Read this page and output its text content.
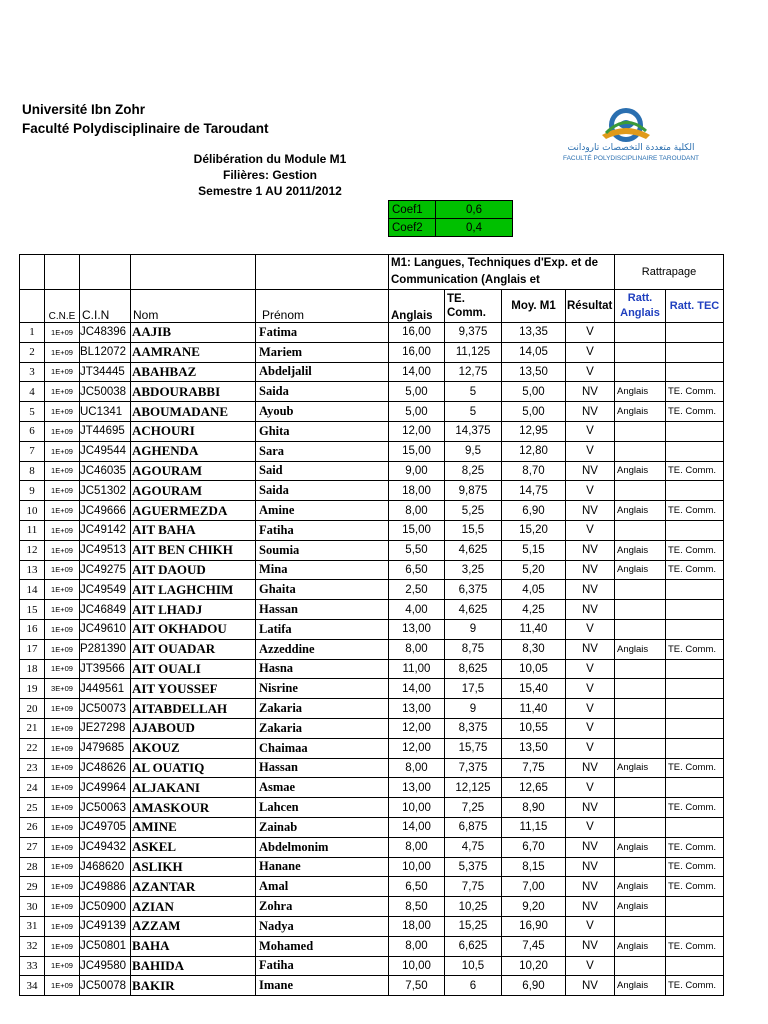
Université Ibn Zohr
Faculté Polydisciplinaire de Taroudant
Délibération du Module M1
Filières: Gestion
Semestre 1 AU 2011/2012
الكلية متعددة التخصصات تارودانت
FACULTÉ POLYDISCIPLINAIRE TAROUDANT
Coef1	0,6
Coef2	0,4
					M1: Langues, Techniques d'Exp. et de Communication (Anglais et				Rattrapage	
	C.N.E	C.I.N	Nom	Prénom	Anglais	TE. Comm.	Moy. M1	Résultat	Ratt. Anglais	Ratt. TEC
1	1E+09	JC48396	AAJIB	Fatima	16,00	9,375	13,35	V		
2	1E+09	BL12072	AAMRANE	Mariem	16,00	11,125	14,05	V		
3	1E+09	JT34445	ABAHBAZ	Abdeljalil	14,00	12,75	13,50	V		
4	1E+09	JC50038	ABDOURABBI	Saida	5,00	5	5,00	NV	Anglais	TE. Comm.
5	1E+09	UC1341	ABOUMADANE	Ayoub	5,00	5	5,00	NV	Anglais	TE. Comm.
6	1E+09	JT44695	ACHOURI	Ghita	12,00	14,375	12,95	V		
7	1E+09	JC49544	AGHENDA	Sara	15,00	9,5	12,80	V		
8	1E+09	JC46035	AGOURAM	Said	9,00	8,25	8,70	NV	Anglais	TE. Comm.
9	1E+09	JC51302	AGOURAM	Saida	18,00	9,875	14,75	V		
10	1E+09	JC49666	AGUERMEZDA	Amine	8,00	5,25	6,90	NV	Anglais	TE. Comm.
11	1E+09	JC49142	AIT BAHA	Fatiha	15,00	15,5	15,20	V		
12	1E+09	JC49513	AIT BEN CHIKH	Soumia	5,50	4,625	5,15	NV	Anglais	TE. Comm.
13	1E+09	JC49275	AIT DAOUD	Mina	6,50	3,25	5,20	NV	Anglais	TE. Comm.
14	1E+09	JC49549	AIT LAGHCHIM	Ghaita	2,50	6,375	4,05	NV		
15	1E+09	JC46849	AIT LHADJ	Hassan	4,00	4,625	4,25	NV		
16	1E+09	JC49610	AIT OKHADOU	Latifa	13,00	9	11,40	V		
17	1E+09	P281390	AIT OUADAR	Azzeddine	8,00	8,75	8,30	NV	Anglais	TE. Comm.
18	1E+09	JT39566	AIT OUALI	Hasna	11,00	8,625	10,05	V		
19	3E+09	J449561	AIT YOUSSEF	Nisrine	14,00	17,5	15,40	V		
20	1E+09	JC50073	AITABDELLAH	Zakaria	13,00	9	11,40	V		
21	1E+09	JE27298	AJABOUD	Zakaria	12,00	8,375	10,55	V		
22	1E+09	J479685	AKOUZ	Chaimaa	12,00	15,75	13,50	V		
23	1E+09	JC48626	AL OUATIQ	Hassan	8,00	7,375	7,75	NV	Anglais	TE. Comm.
24	1E+09	JC49964	ALJAKANI	Asmae	13,00	12,125	12,65	V		
25	1E+09	JC50063	AMASKOUR	Lahcen	10,00	7,25	8,90	NV		TE. Comm.
26	1E+09	JC49705	AMINE	Zainab	14,00	6,875	11,15	V		
27	1E+09	JC49432	ASKEL	Abdelmonim	8,00	4,75	6,70	NV	Anglais	TE. Comm.
28	1E+09	J468620	ASLIKH	Hanane	10,00	5,375	8,15	NV		TE. Comm.
29	1E+09	JC49886	AZANTAR	Amal	6,50	7,75	7,00	NV	Anglais	TE. Comm.
30	1E+09	JC50900	AZIAN	Zohra	8,50	10,25	9,20	NV	Anglais	
31	1E+09	JC49139	AZZAM	Nadya	18,00	15,25	16,90	V		
32	1E+09	JC50801	BAHA	Mohamed	8,00	6,625	7,45	NV	Anglais	TE. Comm.
33	1E+09	JC49580	BAHIDA	Fatiha	10,00	10,5	10,20	V		
34	1E+09	JC50078	BAKIR	Imane	7,50	6	6,90	NV	Anglais	TE. Comm.
